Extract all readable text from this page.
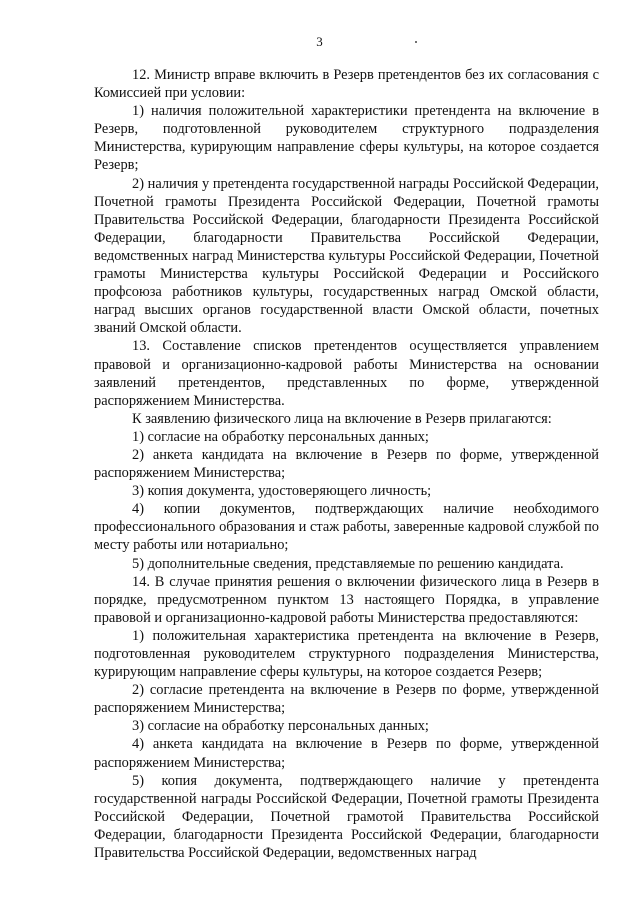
3

12. Министр вправе включить в Резерв претендентов без их согласования с Комиссией при условии:

1) наличия положительной характеристики претендента на включение в Резерв, подготовленной руководителем структурного подразделения Министерства, курирующим направление сферы культуры, на которое создается Резерв;

2) наличия у претендента государственной награды Российской Федерации, Почетной грамоты Президента Российской Федерации, Почетной грамоты Правительства Российской Федерации, благодарности Президента Российской Федерации, благодарности Правительства Российской Федерации, ведомственных наград Министерства культуры Российской Федерации, Почетной грамоты Министерства культуры Российской Федерации и Российского профсоюза работников культуры, государственных наград Омской области, наград высших органов государственной власти Омской области, почетных званий Омской области.

13. Составление списков претендентов осуществляется управлением правовой и организационно-кадровой работы Министерства на основании заявлений претендентов, представленных по форме, утвержденной распоряжением Министерства.

К заявлению физического лица на включение в Резерв прилагаются:

1) согласие на обработку персональных данных;

2) анкета кандидата на включение в Резерв по форме, утвержденной распоряжением Министерства;

3) копия документа, удостоверяющего личность;

4) копии документов, подтверждающих наличие необходимого профессионального образования и стаж работы, заверенные кадровой службой по месту работы или нотариально;

5) дополнительные сведения, представляемые по решению кандидата.

14. В случае принятия решения о включении физического лица в Резерв в порядке, предусмотренном пунктом 13 настоящего Порядка, в управление правовой и организационно-кадровой работы Министерства предоставляются:

1) положительная характеристика претендента на включение в Резерв, подготовленная руководителем структурного подразделения Министерства, курирующим направление сферы культуры, на которое создается Резерв;

2) согласие претендента на включение в Резерв по форме, утвержденной распоряжением Министерства;

3) согласие на обработку персональных данных;

4) анкета кандидата на включение в Резерв по форме, утвержденной распоряжением Министерства;

5) копия документа, подтверждающего наличие у претендента государственной награды Российской Федерации, Почетной грамоты Президента Российской Федерации, Почетной грамотой Правительства Российской Федерации, благодарности Президента Российской Федерации, благодарности Правительства Российской Федерации, ведомственных наград
